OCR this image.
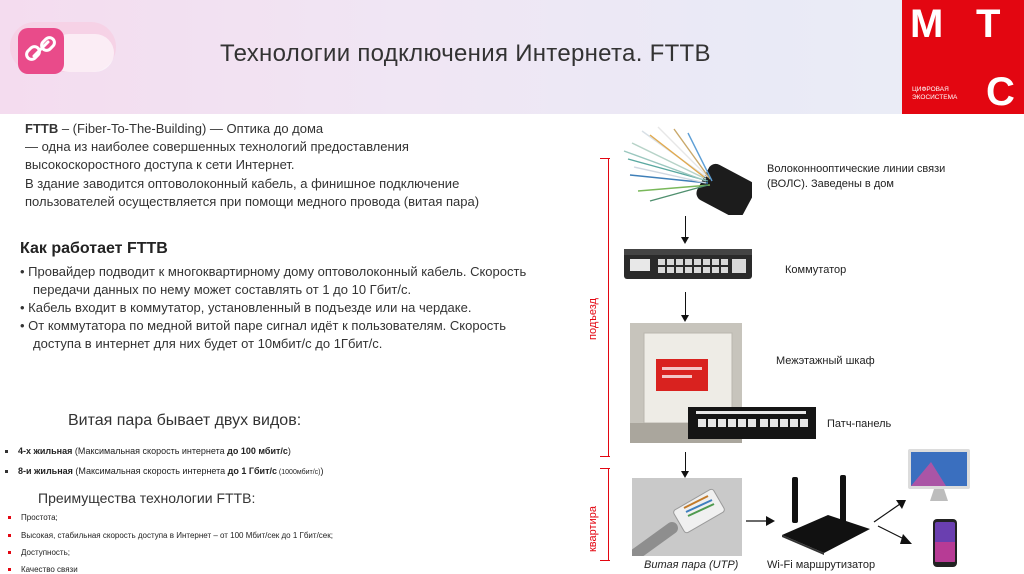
Технологии подключения Интернета. FTTB
М Т
С
ЦИФРОВАЯ
ЭКОСИСТЕМА
FTTB – (Fiber-To-The-Building) — Оптика до дома
— одна из наиболее совершенных технологий предоставления
высокоскоростного доступа к сети Интернет.
В здание заводится оптоволоконный кабель, а финишное подключение
пользователей осуществляется при помощи медного провода (витая пара)
Как работает FTTB
• Провайдер подводит к многоквартирному дому оптоволоконный кабель. Скорость
передачи данных по нему может составлять от 1 до 10 Гбит/с.
• Кабель входит в коммутатор, установленный в подъезде или на чердаке.
• От коммутатора по медной витой паре сигнал идёт к пользователям. Скорость
доступа в интернет для них будет от 10мбит/с до 1Гбит/с.
Витая пара бывает двух видов:
4-х жильная (Максимальная скорость интернета до 100 мбит/с)
8-и жильная (Максимальная скорость интернета до 1 Гбит/с (1000мбит/с))
Преимущества технологии FTTB:
Простота;
Высокая, стабильная скорость доступа в Интернет – от 100 Мбит/сек до 1 Гбит/сек;
Доступность;
Качество связи
подъезд
квартира
Волоконнооптические линии связи
(ВОЛС). Заведены в дом
Коммутатор
Межэтажный шкаф
Патч-панель
Витая пара (UTP)	Wi-Fi маршрутизатор
